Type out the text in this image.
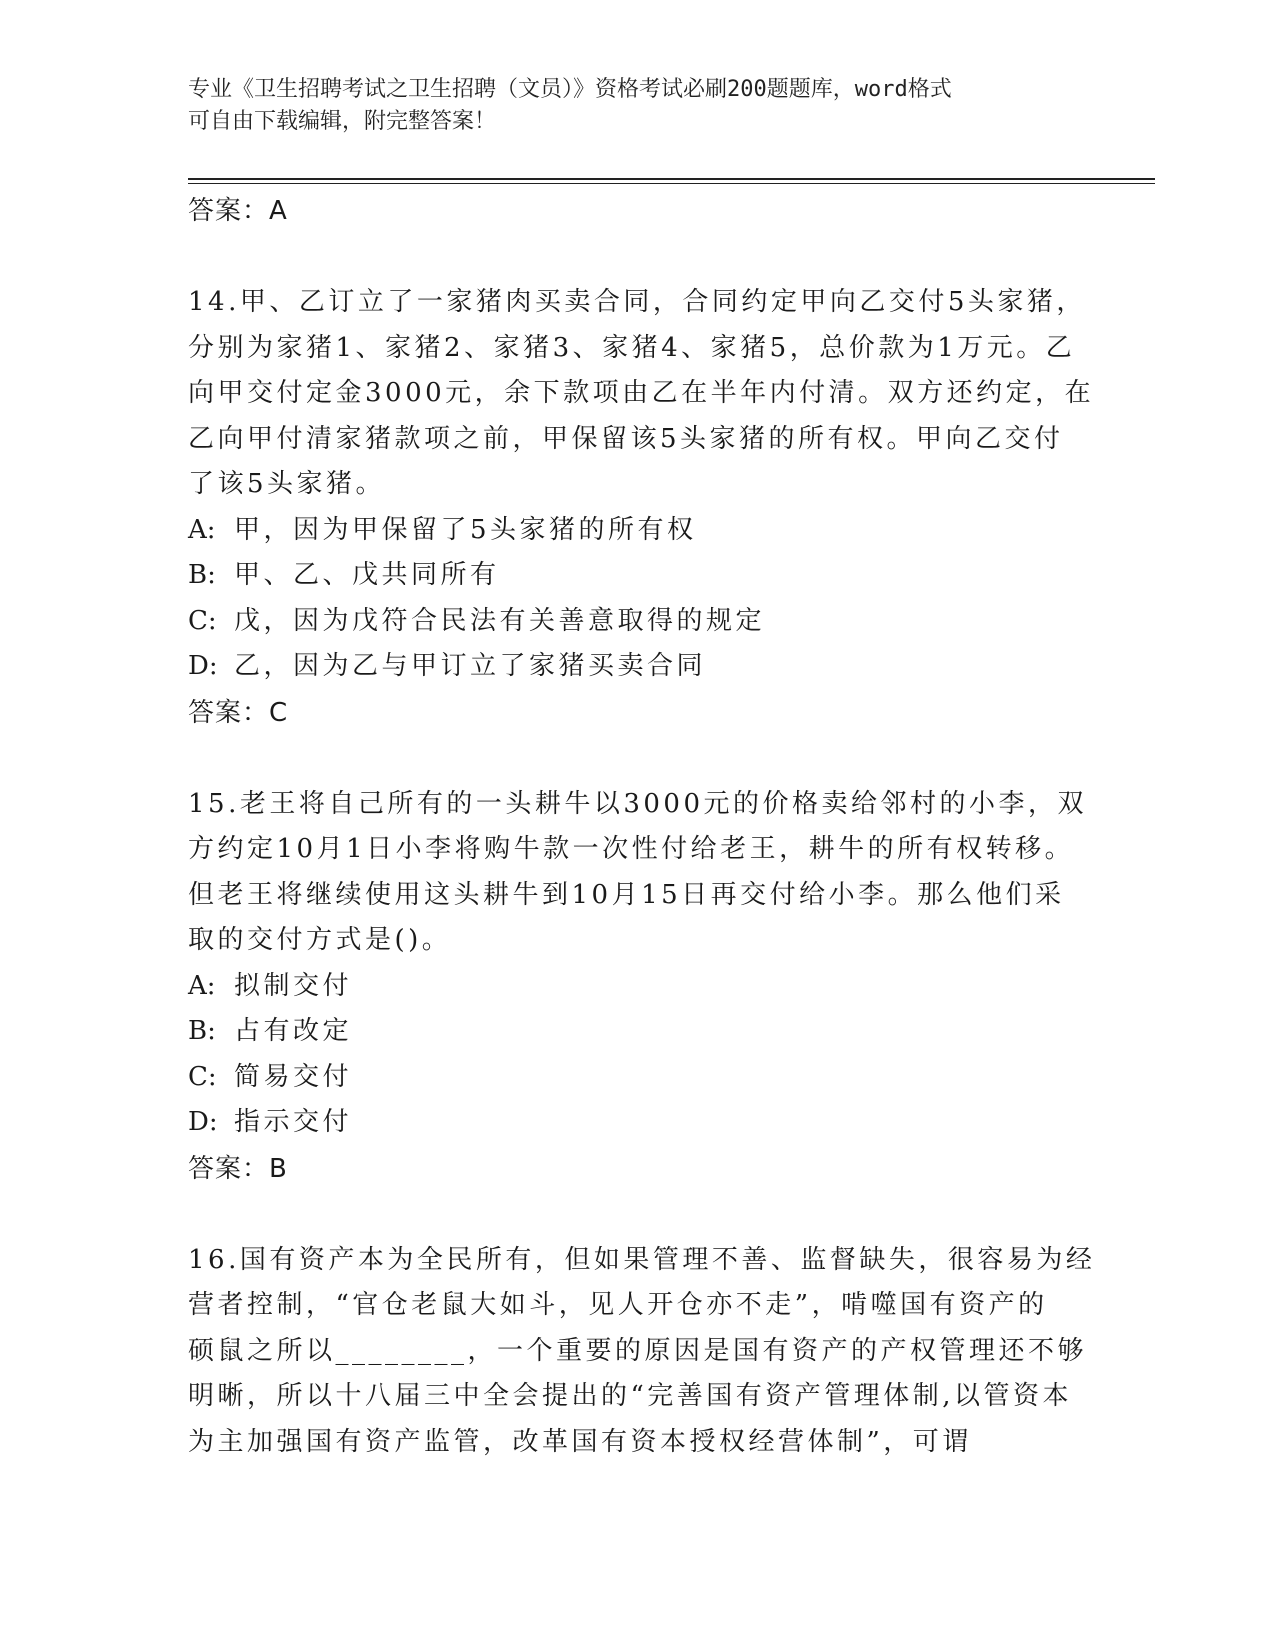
专业《卫生招聘考试之卫生招聘（文员）》资格考试必刷200题题库，word格式
可自由下载编辑，附完整答案！

答案：A

14.甲、乙订立了一家猪肉买卖合同，合同约定甲向乙交付5头家猪，
分别为家猪1、家猪2、家猪3、家猪4、家猪5，总价款为1万元。乙
向甲交付定金3000元，余下款项由乙在半年内付清。双方还约定，在
乙向甲付清家猪款项之前，甲保留该5头家猪的所有权。甲向乙交付
了该5头家猪。

A: 甲，因为甲保留了5头家猪的所有权

B: 甲、乙、戊共同所有

C: 戊，因为戊符合民法有关善意取得的规定

D: 乙，因为乙与甲订立了家猪买卖合同

答案：C

15.老王将自己所有的一头耕牛以3000元的价格卖给邻村的小李，双
方约定10月1日小李将购牛款一次性付给老王，耕牛的所有权转移。
但老王将继续使用这头耕牛到10月15日再交付给小李。那么他们采
取的交付方式是()。

A: 拟制交付

B: 占有改定

C: 简易交付

D: 指示交付

答案：B

16.国有资产本为全民所有，但如果管理不善、监督缺失，很容易为经
营者控制，“官仓老鼠大如斗，见人开仓亦不走”，啃噬国有资产的
硕鼠之所以________，一个重要的原因是国有资产的产权管理还不够
明晰，所以十八届三中全会提出的“完善国有资产管理体制,以管资本
为主加强国有资产监管，改革国有资本授权经营体制”，可谓
